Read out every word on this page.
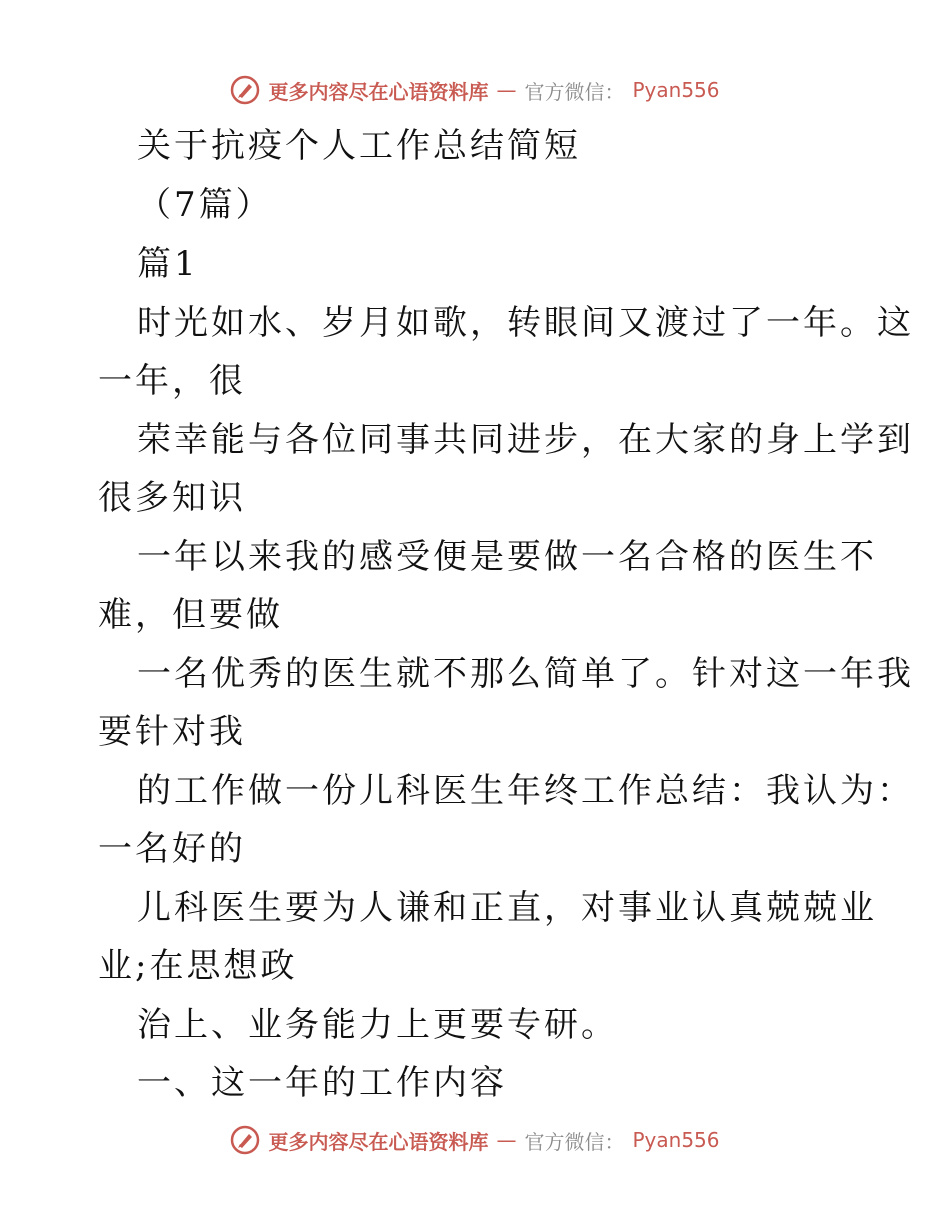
更多内容尽在心语资料库 — 官方微信： Pyan556
关于抗疫个人工作总结简短
（7篇）
篇1
时光如水、岁月如歌，转眼间又渡过了一年。这
一年，很
荣幸能与各位同事共同进步，在大家的身上学到
很多知识
一年以来我的感受便是要做一名合格的医生不
难，但要做
一名优秀的医生就不那么简单了。针对这一年我
要针对我
的工作做一份儿科医生年终工作总结：我认为：
一名好的
儿科医生要为人谦和正直，对事业认真兢兢业
业;在思想政
治上、业务能力上更要专研。
一、这一年的工作内容
更多内容尽在心语资料库 — 官方微信： Pyan556
